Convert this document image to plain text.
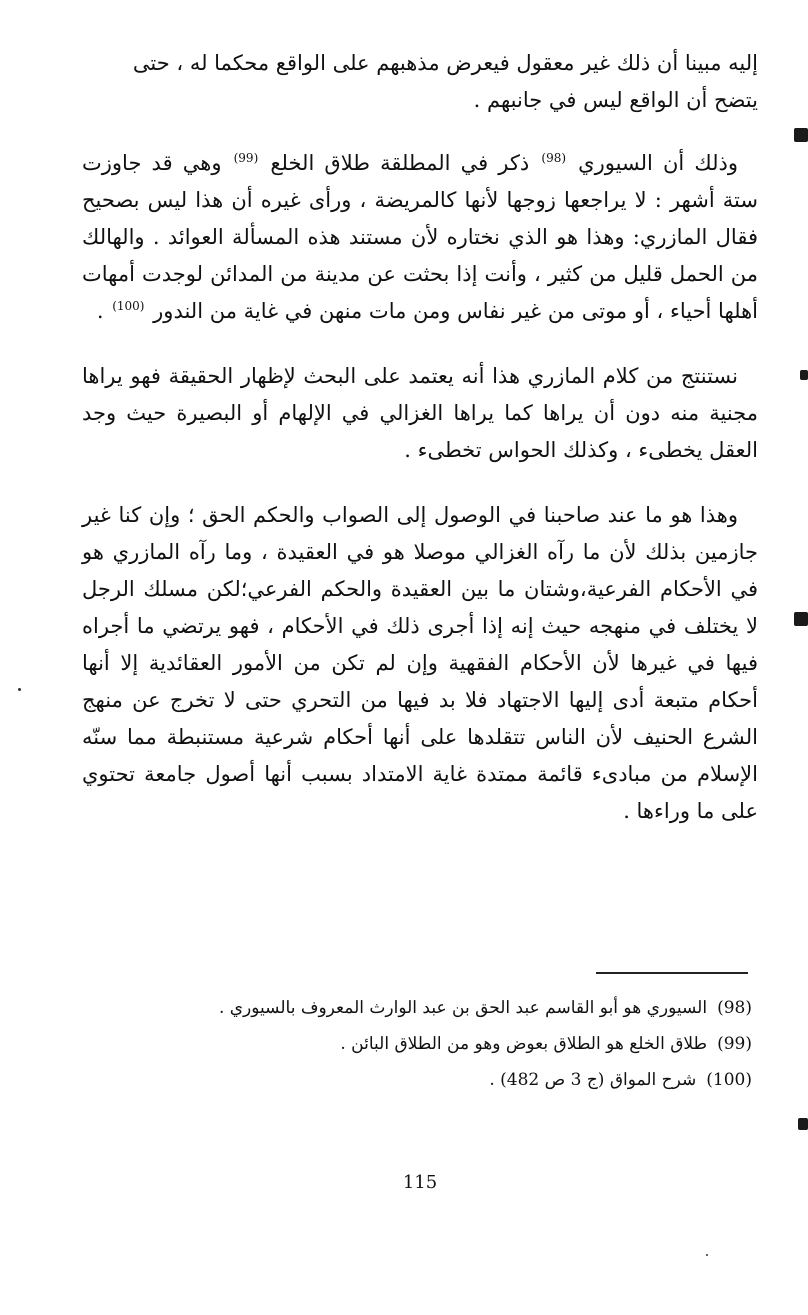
إليه مبينا أن ذلك غير معقول فيعرض مذهبهم على الواقع محكما له ، حتى
يتضح أن الواقع ليس في جانبهم .

وذلك أن السيوري $^{(98)}$ ذكر في المطلقة طلاق الخلع $^{(99)}$ وهي قد جاوزت ستة أشهر : لا يراجعها زوجها لأنها كالمريضة ، ورأى غيره أن هذا ليس بصحيح فقال المازري: وهذا هو الذي نختاره لأن مستند هذه المسألة العوائد . والهالك من الحمل قليل من كثير ، وأنت إذا بحثت عن مدينة من المدائن لوجدت أمهات أهلها أحياء ، أو موتى من غير نفاس ومن مات منهن في غاية من الندور $^{(100)}$ .

نستنتج من كلام المازري هذا أنه يعتمد على البحث لإظهار الحقيقة فهو يراها مجنية منه دون أن يراها كما يراها الغزالي في الإلهام أو البصيرة حيث وجد العقل يخطىء ، وكذلك الحواس تخطىء .

وهذا هو ما عند صاحبنا في الوصول إلى الصواب والحكم الحق ؛ وإن كنا غير جازمين بذلك لأن ما رآه الغزالي موصلا هو في العقيدة ، وما رآه المازري هو في الأحكام الفرعية،وشتان ما بين العقيدة والحكم الفرعي؛لكن مسلك الرجل لا يختلف في منهجه حيث إنه إذا أجرى ذلك في الأحكام ، فهو يرتضي ما أجراه فيها في غيرها لأن الأحكام الفقهية وإن لم تكن من الأمور العقائدية إلا أنها أحكام متبعة أدى إليها الاجتهاد فلا بد فيها من التحري حتى لا تخرج عن منهج الشرع الحنيف لأن الناس تتقلدها على أنها أحكام شرعية مستنبطة مما سنّه الإسلام من مبادىء قائمة ممتدة غاية الامتداد بسبب أنها أصول جامعة تحتوي على ما وراءها .

(98)السيوري هو أبو القاسم عبد الحق بن عبد الوارث المعروف بالسيوري .
(99)طلاق الخلع هو الطلاق بعوض وهو من الطلاق البائن .
(100)شرح المواق (ج 3 ص 482) .
115
